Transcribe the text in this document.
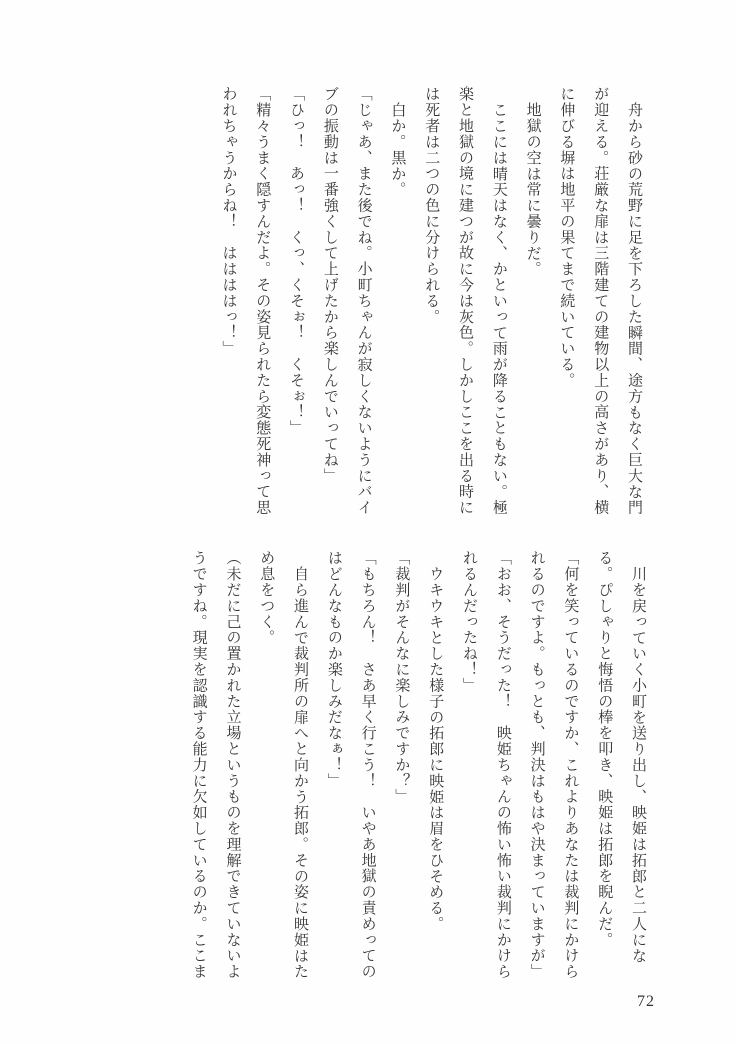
舟から砂の荒野に足を下ろした瞬間、途方もなく巨大な門

が迎える。荘厳な扉は三階建ての建物以上の高さがあり、横

に伸びる塀は地平の果てまで続いている。

地獄の空は常に曇りだ。

ここには晴天はなく、かといって雨が降ることもない。極

楽と地獄の境に建つが故に今は灰色。しかしここを出る時に

は死者は二つの色に分けられる。

白か。黒か。

「じゃあ、また後でね。小町ちゃんが寂しくないようにバイ

ブの振動は一番強くして上げたから楽しんでいってね」

「ひっ！　あっ！　くっ、くそぉ！　くそぉ！」

「精々うまく隠すんだよ。その姿見られたら変態死神って思

われちゃうからね！　ははははっ！」

川を戻っていく小町を送り出し、映姫は拓郎と二人にな

る。ぴしゃりと悔悟の棒を叩き、映姫は拓郎を睨んだ。

「何を笑っているのですか、これよりあなたは裁判にかけら

れるのですよ。もっとも、判決はもはや決まっていますが」

「おお、そうだった！　映姫ちゃんの怖い怖い裁判にかけら

れるんだったね！」

ウキウキとした様子の拓郎に映姫は眉をひそめる。

「裁判がそんなに楽しみですか？」

「もちろん！　さあ早く行こう！　いやあ地獄の責めっての

はどんなものか楽しみだなぁ！」

自ら進んで裁判所の扉へと向かう拓郎。その姿に映姫はた

め息をつく。

（未だに己の置かれた立場というものを理解できていないよ

うですね。現実を認識する能力に欠如しているのか。ここま

72
